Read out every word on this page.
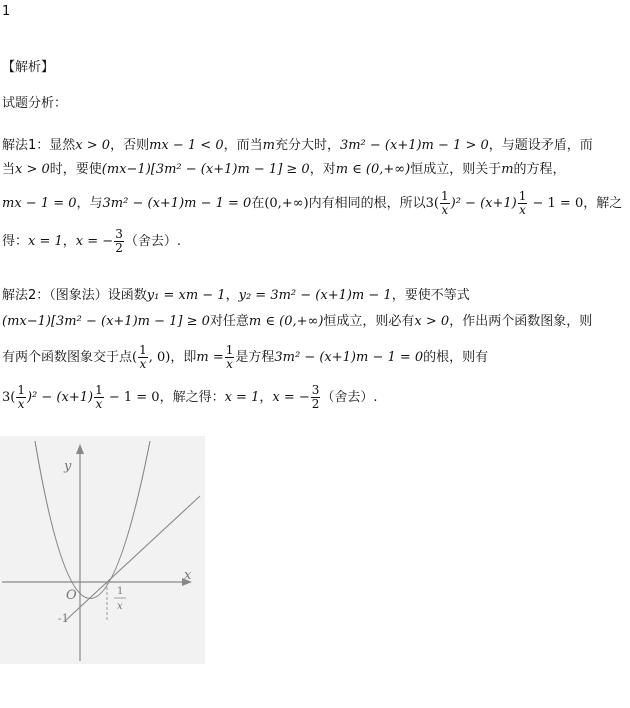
1
【解析】
试题分析：
解法1：显然x > 0，否则mx − 1 < 0，而当m充分大时，3m² − (x+1)m − 1 > 0，与题设矛盾，而
当x > 0时，要使(mx−1)[3m² − (x+1)m − 1] ≥ 0，对m ∈ (0,+∞)恒成立，则关于m的方程，
mx − 1 = 0，与3m² − (x+1)m − 1 = 0在(0,+∞)内有相同的根，所以$3( \frac{1}{x} )^2 - (x+1) \frac{1}{x} - 1 = 0$，解之
得：x = 1，x = − $\frac{3}{2}$ （舍去）.
解法2：（图象法）设函数y₁ = xm − 1，y₂ = 3m² − (x+1)m − 1，要使不等式
(mx−1)[3m² − (x+1)m − 1] ≥ 0对任意m ∈ (0,+∞)恒成立，则必有x > 0，作出两个函数图象，则
有两个函数图象交于点( $\frac{1}{x}$ , 0)，即$m = \frac{1}{x}$ 是方程3m² − (x+1)m − 1 = 0的根，则有
$3( \frac{1}{x} )^2 - (x+1) \frac{1}{x} - 1 = 0$，解之得：x = 1，x = − $\frac{3}{2}$ （舍去）.
y
x
O
-1
1
x
